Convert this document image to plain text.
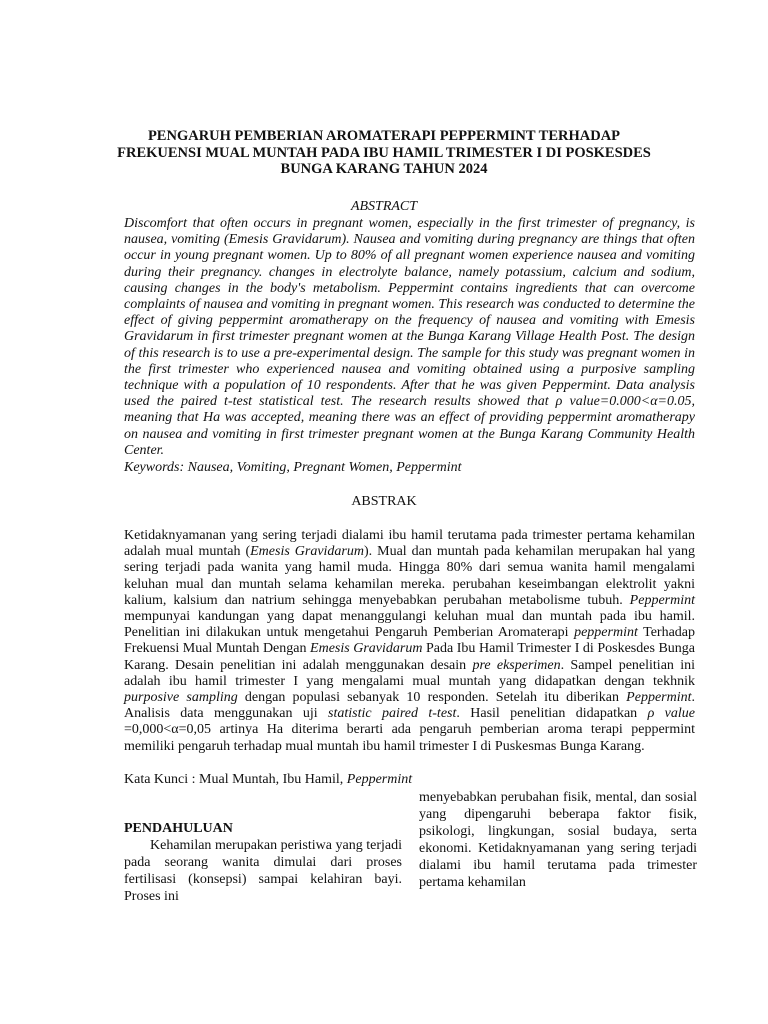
PENGARUH PEMBERIAN AROMATERAPI PEPPERMINT TERHADAP
FREKUENSI MUAL MUNTAH PADA IBU HAMIL TRIMESTER I DI POSKESDES
BUNGA KARANG TAHUN 2024
ABSTRACT
Discomfort that often occurs in pregnant women, especially in the first trimester of pregnancy, is nausea, vomiting (Emesis Gravidarum). Nausea and vomiting during pregnancy are things that often occur in young pregnant women. Up to 80% of all pregnant women experience nausea and vomiting during their pregnancy. changes in electrolyte balance, namely potassium, calcium and sodium, causing changes in the body's metabolism. Peppermint contains ingredients that can overcome complaints of nausea and vomiting in pregnant women. This research was conducted to determine the effect of giving peppermint aromatherapy on the frequency of nausea and vomiting with Emesis Gravidarum in first trimester pregnant women at the Bunga Karang Village Health Post. The design of this research is to use a pre-experimental design. The sample for this study was pregnant women in the first trimester who experienced nausea and vomiting obtained using a purposive sampling technique with a population of 10 respondents. After that he was given Peppermint. Data analysis used the paired t-test statistical test. The research results showed that ρ value=0.000<α=0.05, meaning that Ha was accepted, meaning there was an effect of providing peppermint aromatherapy on nausea and vomiting in first trimester pregnant women at the Bunga Karang Community Health Center.
Keywords: Nausea, Vomiting, Pregnant Women, Peppermint
ABSTRAK
Ketidaknyamanan yang sering terjadi dialami ibu hamil terutama pada trimester pertama kehamilan adalah mual muntah (Emesis Gravidarum). Mual dan muntah pada kehamilan merupakan hal yang sering terjadi pada wanita yang hamil muda. Hingga 80% dari semua wanita hamil mengalami keluhan mual dan muntah selama kehamilan mereka. perubahan keseimbangan elektrolit yakni kalium, kalsium dan natrium sehingga menyebabkan perubahan metabolisme tubuh. Peppermint mempunyai kandungan yang dapat menanggulangi keluhan mual dan muntah pada ibu hamil. Penelitian ini dilakukan untuk mengetahui Pengaruh Pemberian Aromaterapi peppermint Terhadap Frekuensi Mual Muntah Dengan Emesis Gravidarum Pada Ibu Hamil Trimester I di Poskesdes Bunga Karang. Desain penelitian ini adalah menggunakan desain pre eksperimen. Sampel penelitian ini adalah ibu hamil trimester I yang mengalami mual muntah yang didapatkan dengan tekhnik purposive sampling dengan populasi sebanyak 10 responden. Setelah itu diberikan Peppermint. Analisis data menggunakan uji statistic paired t-test. Hasil penelitian didapatkan ρ value =0,000<α=0,05 artinya Ha diterima berarti ada pengaruh pemberian aroma terapi peppermint memiliki pengaruh terhadap mual muntah ibu hamil trimester I di Puskesmas Bunga Karang.
Kata Kunci : Mual Muntah, Ibu Hamil, Peppermint
PENDAHULUAN
Kehamilan merupakan peristiwa yang terjadi pada seorang wanita dimulai dari proses fertilisasi (konsepsi) sampai kelahiran bayi. Proses ini
menyebabkan perubahan fisik, mental, dan sosial yang dipengaruhi beberapa faktor fisik, psikologi, lingkungan, sosial budaya, serta ekonomi. Ketidaknyamanan yang sering terjadi dialami ibu hamil terutama pada trimester pertama kehamilan
